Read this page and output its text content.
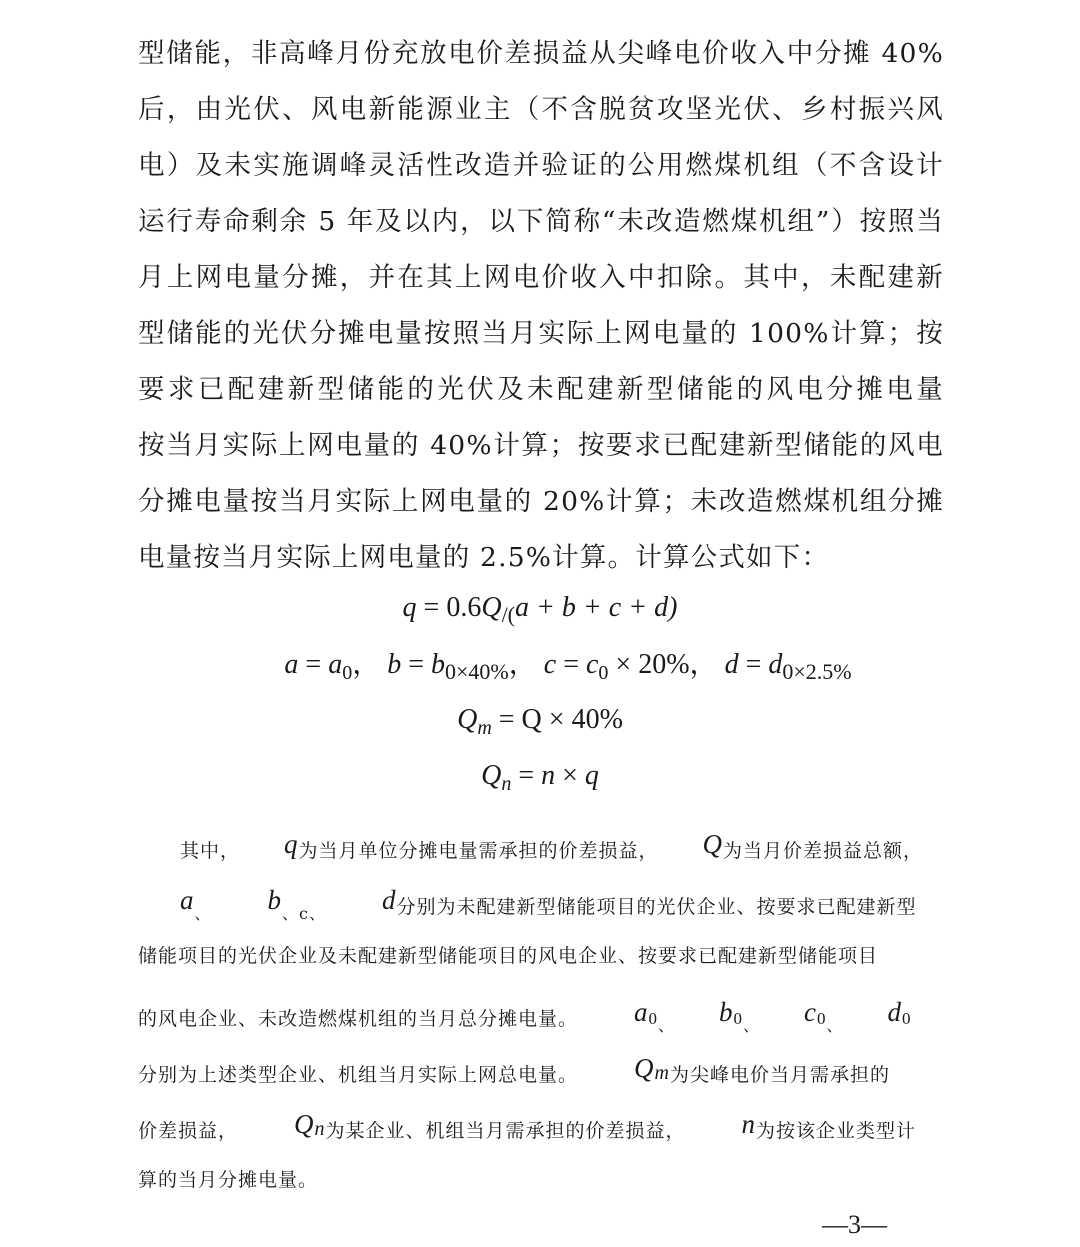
型储能，非高峰月份充放电价差损益从尖峰电价收入中分摊 40%
后，由光伏、风电新能源业主（不含脱贫攻坚光伏、乡村振兴风
电）及未实施调峰灵活性改造并验证的公用燃煤机组（不含设计
运行寿命剩余 5 年及以内，以下简称“未改造燃煤机组”）按照当
月上网电量分摊，并在其上网电价收入中扣除。其中，未配建新
型储能的光伏分摊电量按照当月实际上网电量的 100%计算；按
要求已配建新型储能的光伏及未配建新型储能的风电分摊电量
按当月实际上网电量的 40%计算；按要求已配建新型储能的风电
分摊电量按当月实际上网电量的 20%计算；未改造燃煤机组分摊
电量按当月实际上网电量的 2.5%计算。计算公式如下：
$q = 0.6Q_{/(}a + b + c + d$)
$a = a_0$， $b = b_{0\times 40\%}$， $c = c_0 \times 20\%$， $d = d_{0\times 2.5\%}$
$Q_m = Q \times 40\%$
$Q_n = n \times q$
其中， q为当月单位分摊电量需承担的价差损益， Q为当月价差损益总额，
$a_、$ $b_{、c、}$ d分别为未配建新型储能项目的光伏企业、按要求已配建新型
储能项目的光伏企业及未配建新型储能项目的风电企业、按要求已配建新型储能项目
的风电企业、未改造燃煤机组的当月总分摊电量。 $a_{0、}$ $b_{0、}$ $c_{0、}$ $d_0$
分别为上述类型企业、机组当月实际上网总电量。 Qm为尖峰电价当月需承担的
价差损益， Qn为某企业、机组当月需承担的价差损益， n为按该企业类型计
算的当月分摊电量。
—3—
